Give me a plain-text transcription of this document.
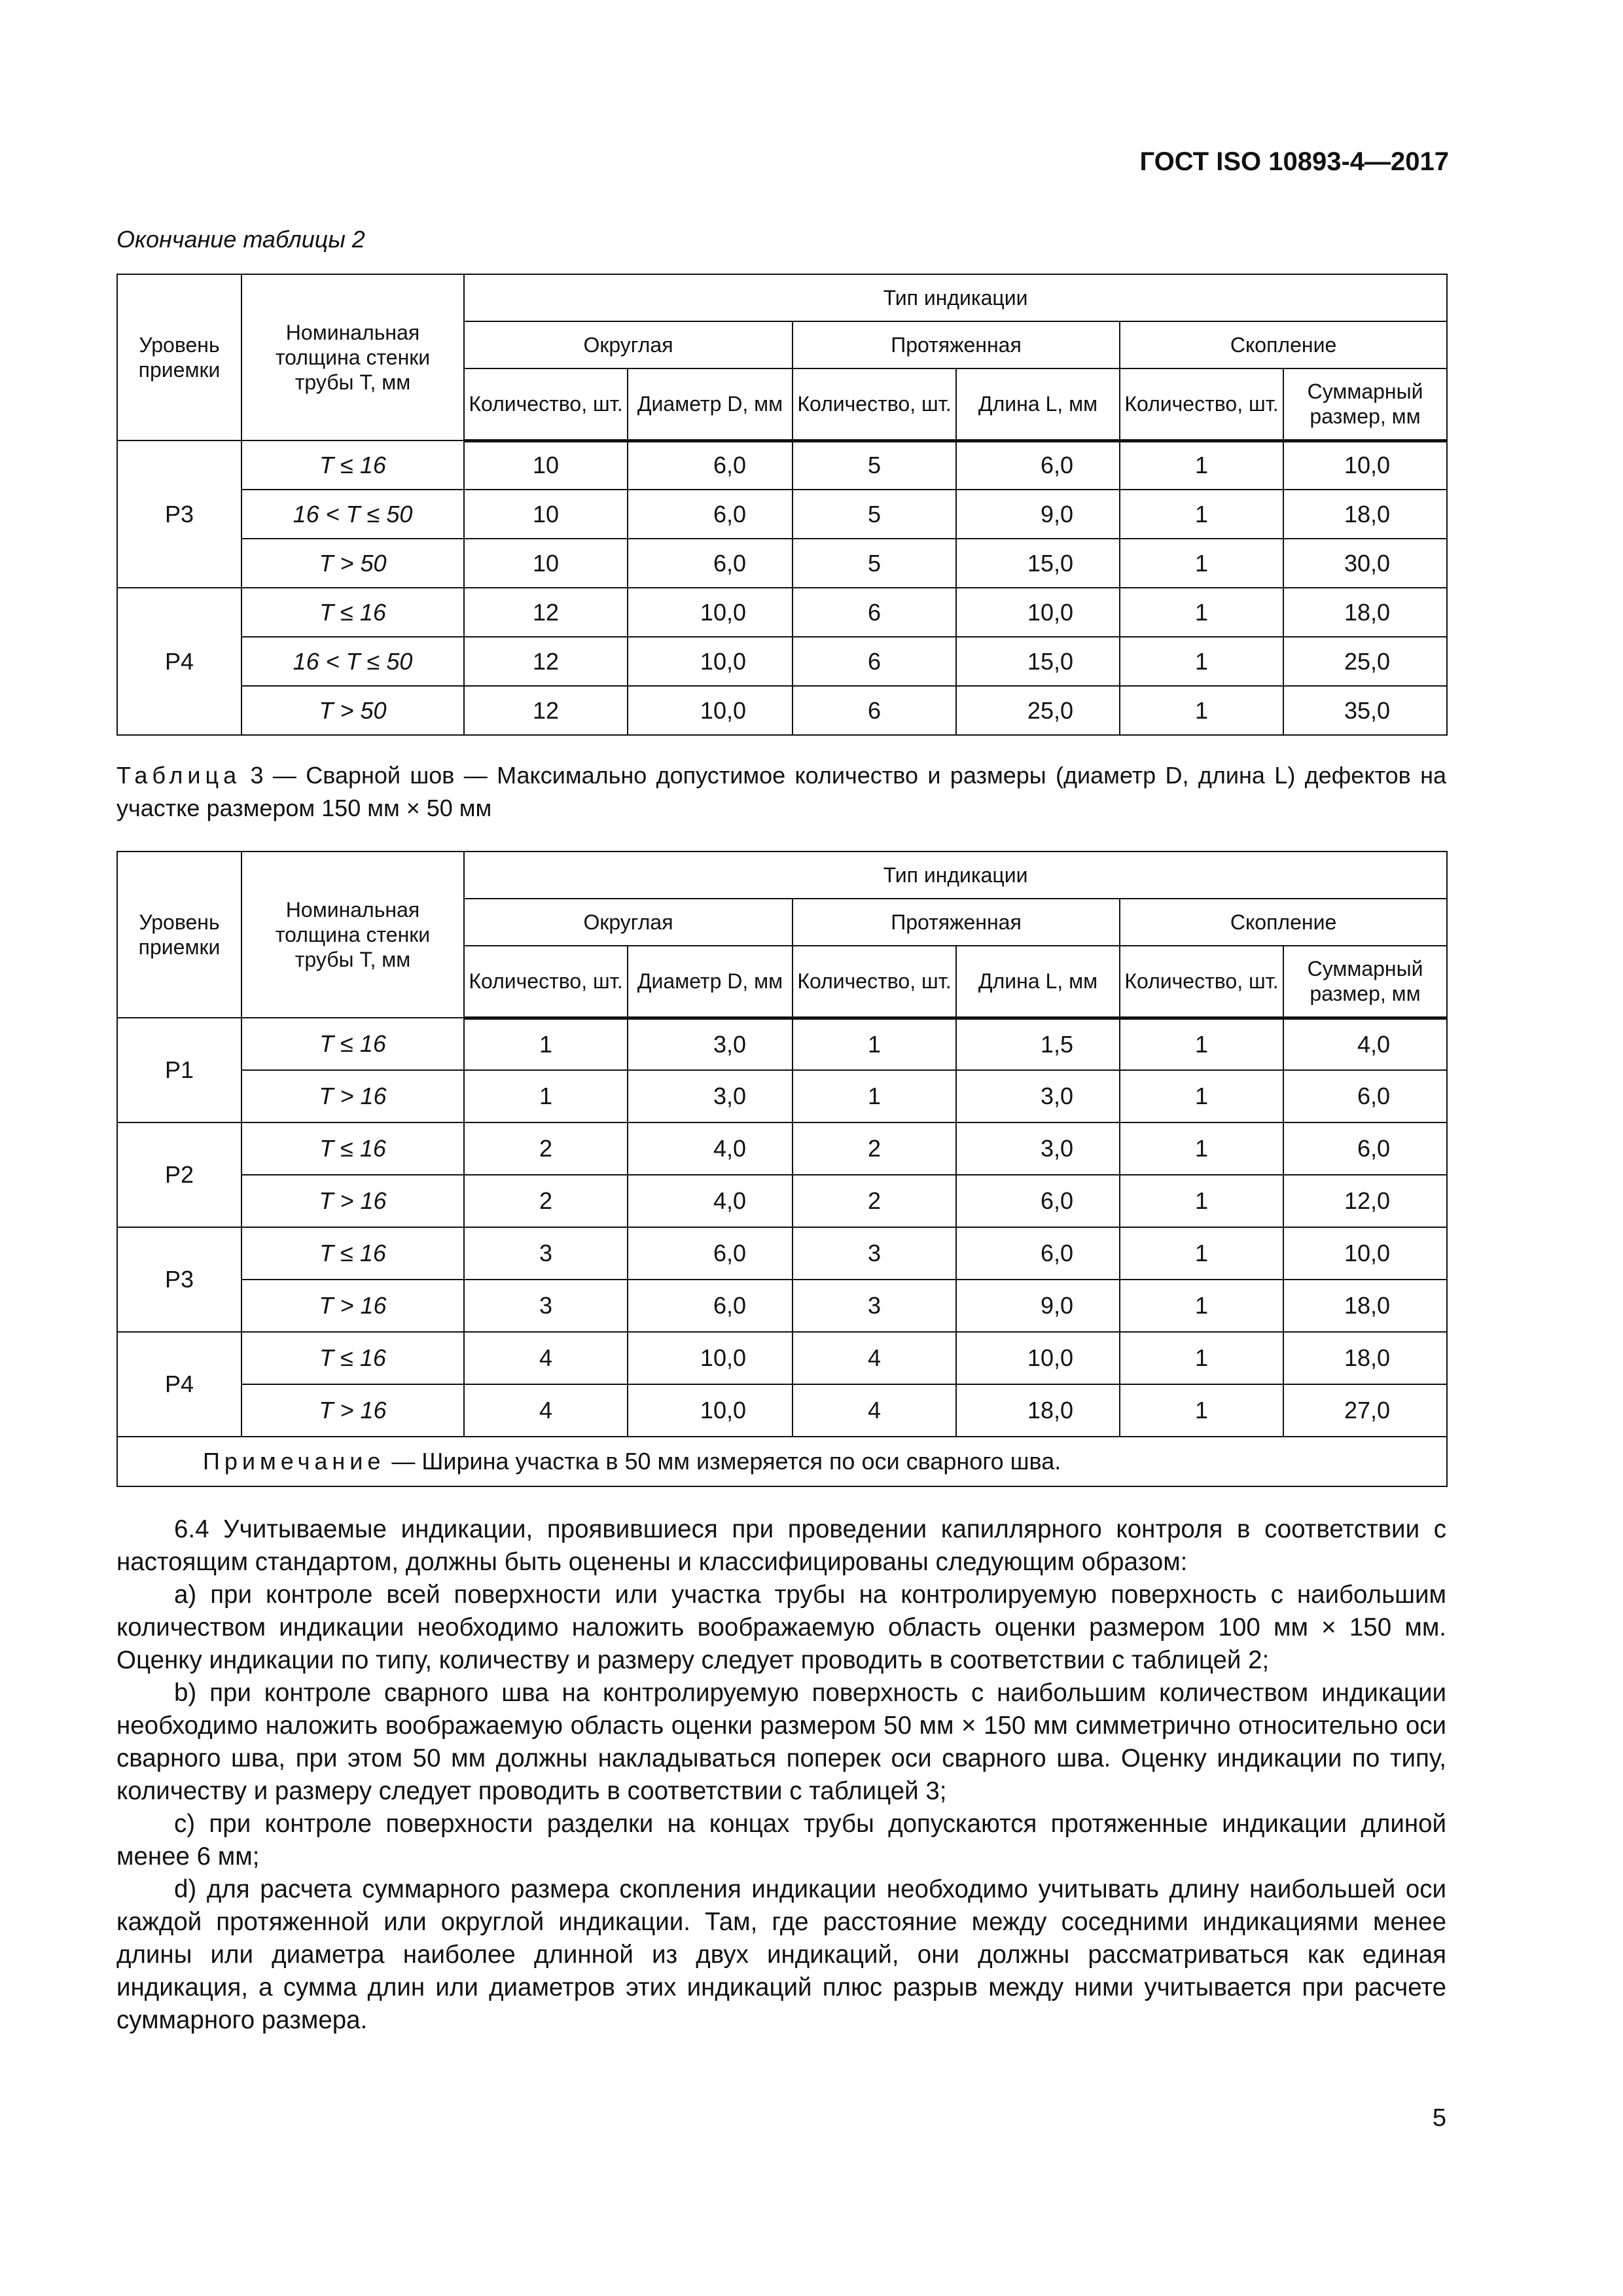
ГОСТ ISO 10893-4—2017
Окончание таблицы 2
Уровень приемки	Номинальная толщина стенки трубы T, мм	Тип индикации					
		Округлая		Протяженная		Скопление	
		Количество, шт.	Диаметр D, мм	Количество, шт.	Длина L, мм	Количество, шт.	Суммарный размер, мм
P3	T ≤ 16	10	6,0	5	6,0	1	10,0
	16 < T ≤ 50	10	6,0	5	9,0	1	18,0
	T > 50	10	6,0	5	15,0	1	30,0
P4	T ≤ 16	12	10,0	6	10,0	1	18,0
	16 < T ≤ 50	12	10,0	6	15,0	1	25,0
	T > 50	12	10,0	6	25,0	1	35,0
Таблица 3 — Сварной шов — Максимально допустимое количество и размеры (диаметр D, длина L) дефектов на участке размером 150 мм × 50 мм
Уровень приемки	Номинальная толщина стенки трубы T, мм	Тип индикации					
		Округлая		Протяженная		Скопление	
		Количество, шт.	Диаметр D, мм	Количество, шт.	Длина L, мм	Количество, шт.	Суммарный размер, мм
P1	T ≤ 16	1	3,0	1	1,5	1	4,0
	T > 16	1	3,0	1	3,0	1	6,0
P2	T ≤ 16	2	4,0	2	3,0	1	6,0
	T > 16	2	4,0	2	6,0	1	12,0
P3	T ≤ 16	3	6,0	3	6,0	1	10,0
	T > 16	3	6,0	3	9,0	1	18,0
P4	T ≤ 16	4	10,0	4	10,0	1	18,0
	T > 16	4	10,0	4	18,0	1	27,0
Примечание — Ширина участка в 50 мм измеряется по оси сварного шва.							

6.4 Учитываемые индикации, проявившиеся при проведении капиллярного контроля в соответствии с настоящим стандартом, должны быть оценены и классифицированы следующим образом:

a) при контроле всей поверхности или участка трубы на контролируемую поверхность с наибольшим количеством индикации необходимо наложить воображаемую область оценки размером 100 мм × 150 мм. Оценку индикации по типу, количеству и размеру следует проводить в соответствии с таблицей 2;

b) при контроле сварного шва на контролируемую поверхность с наибольшим количеством индикации необходимо наложить воображаемую область оценки размером 50 мм × 150 мм симметрично относительно оси сварного шва, при этом 50 мм должны накладываться поперек оси сварного шва. Оценку индикации по типу, количеству и размеру следует проводить в соответствии с таблицей 3;

c) при контроле поверхности разделки на концах трубы допускаются протяженные индикации длиной менее 6 мм;

d) для расчета суммарного размера скопления индикации необходимо учитывать длину наибольшей оси каждой протяженной или округлой индикации. Там, где расстояние между соседними индикациями менее длины или диаметра наиболее длинной из двух индикаций, они должны рассматриваться как единая индикация, а сумма длин или диаметров этих индикаций плюс разрыв между ними учитывается при расчете суммарного размера.

5
